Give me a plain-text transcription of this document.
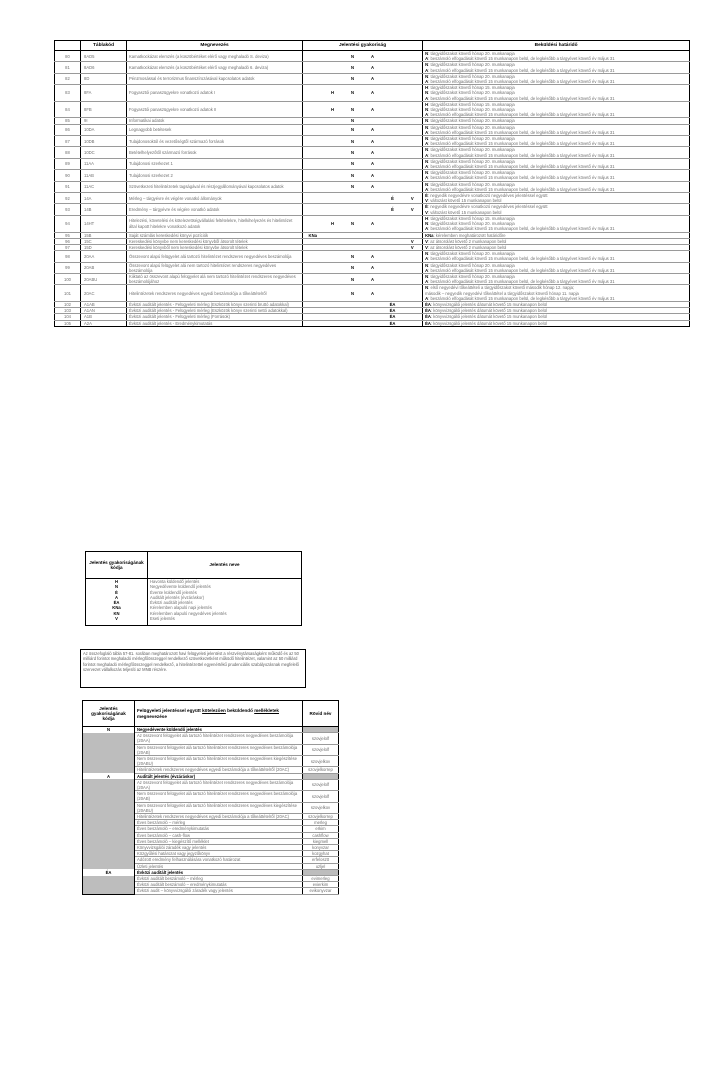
	Táblakód	Megnevezés	Jelentési gyakoriság						Beküldési határidő
80	8AD5	Kamatkockázat elemzés (a küszöbértéket elérő vagy meghaladó S. deviza)			N	A			N: tárgyidőszakot követő hónap 20. munkanapja
A: beszámoló elfogadását követő 15 munkanapon belül, de legkésőbb a tárgyévet követő év május 31

81	8AD6	Kamatkockázat elemzés (a küszöbértéket elérő vagy meghaladó 6. deviza)			N	A			N: tárgyidőszakot követő hónap 20. munkanapja
A: beszámoló elfogadását követő 15 munkanapon belül, de legkésőbb a tárgyévet követő év május 31

82	8D	Pénzmosással és terrorizmus finanszírozásával kapcsolatos adatok			N	A			N: tárgyidőszakot követő hónap 20. munkanapja
A: beszámoló elfogadását követő 15 munkanapon belül, de legkésőbb a tárgyévet követő év május 31

83	8FA	Fogyasztói panaszügyekre vonatkozó adatok I		H	N	A			H: tárgyidőszakot követő hónap 15. munkanapja
N: tárgyidőszakot követő hónap 20. munkanapja
A: beszámoló elfogadását követő 15 munkanapon belül, de legkésőbb a tárgyévet követő év május 31

84	8FB	Fogyasztói panaszügyekre vonatkozó adatok II		H	N	A			H: tárgyidőszakot követő hónap 15. munkanapja
N: tárgyidőszakot követő hónap 20. munkanapja
A: beszámoló elfogadását követő 15 munkanapon belül, de legkésőbb a tárgyévet követő év május 31

85	9I	Informatikai adatok			N				N: tárgyidőszakot követő hónap 20. munkanapja

86	10DA	Legnagyobb betétesek			N	A			N: tárgyidőszakot követő hónap 20. munkanapja
A: beszámoló elfogadását követő 15 munkanapon belül, de legkésőbb a tárgyévet követő év május 31

87	10DB	Tulajdonosoktól és vezetőségtől származó források			N	A			N: tárgyidőszakot követő hónap 20. munkanapja
A: beszámoló elfogadását követő 15 munkanapon belül, de legkésőbb a tárgyévet követő év május 31

88	10DC	Betételhelyezőtől származó források			N	A			N: tárgyidőszakot követő hónap 20. munkanapja
A: beszámoló elfogadását követő 15 munkanapon belül, de legkésőbb a tárgyévet követő év május 31

89	11AA	Tulajdonosi szerkezet 1			N	A			N: tárgyidőszakot követő hónap 20. munkanapja
A: beszámoló elfogadását követő 15 munkanapon belül, de legkésőbb a tárgyévet követő év május 31

90	11AB	Tulajdonosi szerkezet 2			N	A			N: tárgyidőszakot követő hónap 20. munkanapja
A: beszámoló elfogadását követő 15 munkanapon belül, de legkésőbb a tárgyévet követő év május 31

91	11AC	Szövetkezeti hitelintézetek tagságával és részjegyállományával kapcsolatos adatok			N	A			N: tárgyidőszakot követő hónap 20. munkanapja
A: beszámoló elfogadását követő 15 munkanapon belül, de legkésőbb a tárgyévet követő év május 31

92	14A	Mérleg – tárgyévre és végére vonatkó állományok					É	V	É: negyedik negyedévre vonatkozó negyedéves jelentéssel együtt
V: változást követő 15 munkanapon belül

93	14B	Eredmény – tárgyévre és végére vonatkó adatok					É	V	É: negyedik negyedévre vonatkozó negyedéves jelentéssel együtt
V: változást követő 15 munkanapon belül

94	14HT	Hitelezési, követelési és kötelezettségvállalási feltételekre, hitelkihelyezés és hitelintézet által kapott hitelekre vonatkozó adatok		H	N	A			H: tárgyidőszakot követő hónap 15. munkanapja
N: tárgyidőszakot követő hónap 20. munkanapja
A: beszámoló elfogadását követő 15 munkanapon belül, de legkésőbb a tárgyévet követő év május 31

95	15B	Saját számlás kereskedési könyvi pozíciók	KNa						KNa: kérelemben meghatározott határidőre

96	15C	Kereskedési könyvbe nem kereskedési könyvből átsorolt tételek						V	V: az átsorolást követő 2 munkanapon belül

97	15D	Kereskedési könyvből nem kereskedési könyvbe átsorolt tételek						V	V: az átsorolást követő 2 munkanapon belül

98	20AA	Összevont alapú felügyelet alá tartozó hitelintézet rendszeres negyedéves beszámolója			N	A			N: tárgyidőszakot követő hónap 20. munkanapja
A: beszámoló elfogadását követő 15 munkanapon belül, de legkésőbb a tárgyévet követő év május 31

99	20AB	Összevont alapú felügyelet alá nem tartozó hitelintézet rendszeres negyedéves beszámolója			N	A			N: tárgyidőszakot követő hónap 20. munkanapja
A: beszámoló elfogadását követő 15 munkanapon belül, de legkésőbb a tárgyévet követő év május 31

100	20ABU	Kiiktató az összevont alapú felügyelet alá nem tartozó hitelintézet rendszeres negyedéves beszámolójához			N	A			N: tárgyidőszakot követő hónap 20. munkanapja
A: beszámoló elfogadását követő 15 munkanapon belül, de legkésőbb a tárgyévet követő év május 31

101	20AC	Hitelintézetek rendszeres negyedéves egyedi beszámolója a tőkeáttételről			N	A			N: első negyedévi tőkeáttételi a tárgyidőszakot követő második hónap 12. napja;
második – negyedik negyedévi tőkeáttétel a tárgyidőszakot követő hónap 11. napja
A: beszámoló elfogadását követő 15 munkanapon belül, de legkésőbb a tárgyévet követő év május 31

102	A1AB	Évközi auditált jelentés - Felügyeleti mérleg (Eszközök könyv szerinti bruttó adatokkal)					ÉA		ÉA: könyvvizsgálói jelentés dátumát követő 15 munkanapon belül

103	A1AN	Évközi auditált jelentés - Felügyeleti mérleg (Eszközök könyv szerinti nettó adatokkal)					ÉA		ÉA: könyvvizsgálói jelentés dátumát követő 15 munkanapon belül

104	A1B	Évközi auditált jelentés - Felügyeleti mérleg (Források)					ÉA		ÉA: könyvvizsgálói jelentés dátumát követő 15 munkanapon belül

105	A2A	Évközi auditált jelentés - Eredménykimutatás					ÉA		ÉA: könyvvizsgálói jelentés dátumát követő 15 munkanapon belül
Jelentés gyakoriságának kódja	Jelentés neve
H	Havonta küldendő jelentés
N	Negyedévente küldendő jelentés
É	Évente küldendő jelentés
A	Auditált jelentés (évzáráskor)
ÉA	Évközi auditált jelentés
KNa	Kérelemben alapuló napi jelentés
KN	Kérelemben alapuló negyedéves jelentés
V	Eseti jelentés

Az összefoglaló tábla 57-81. sorában meghatározott havi felügyeleti jelentést a részvénytársaságként működő és az 50 milliárd forintot meghaladó mérlegfőösszeggel rendelkező szövetkezetként működő hitelintézet, valamint az 50 milliárd forintot meghaladó mérlegfőösszeggel rendelkező, a hitelintézettel egyenértékű prudenciális szabályozásnak megfelelő szervezet vállalkozás teljesíti az MNB részére.
Jelentés gyakoriságának kódja	Felügyeleti jelentéssel együtt kötelezően beküldendő mellékletek megnevezése	Rövid név
N	Negyedévente küldendő jelentés	
	Az összevont felügyelet alá tartozó hitelintézet rendszeres negyedéves beszámolója (20AA)	szovjelolf
	Nem összevont felügyelet alá tartozó hitelintézet rendszeres negyedéves beszámolója (20AB)	szovjelolf
	Nem összevont felügyelet alá tartozó hitelintézet rendszeres negyedéves kiegészítése (20ABU)	szovjelkov
	Hitelintézetek rendszeres negyedéves egyedi beszámolója a tőkeáttételről (20AC)	szovjelkorrep
A	Auditált jelentés (évzáráskor)	
	Az összevont felügyelet alá tartozó hitelintézet rendszeres negyedéves beszámolója (20AA)	szovjelolf
	Nem összevont felügyelet alá tartozó hitelintézet rendszeres negyedéves beszámolója (20AB)	szovjelolf
	Nem összevont felügyelet alá tartozó hitelintézet rendszeres negyedéves kiegészítése (20ABU)	szovjelkov
	Hitelintézetek rendszeres negyedéves egyedi beszámolója a tőkeáttételről (20AC)	szovjelkorrep
	Éves beszámoló – mérleg	merleg
	Éves beszámoló – eredménykimutatás	erkim
	Éves beszámoló – cash-flow	cashflow
	Éves beszámoló – kiegészítő melléklet	kiegmell
	Könyvvizsgálói záradék vagy jelentés	konyvzar
	Közgyűlési határozat vagy jegyzőkönyv	kozgyhat
	Adózott eredmény felhasználására vonatkozó határozat	erfelosztt
	Üzleti jelentés	uzljel
ÉA	Évközi auditált jelentés	
	Évközi auditált beszámoló – mérleg	evimerleg
	Évközi auditált beszámoló – eredménykimutatás	evierkim
	Évközi audit – könyvvizsgálói záradék vagy jelentés	evikonyvzar
